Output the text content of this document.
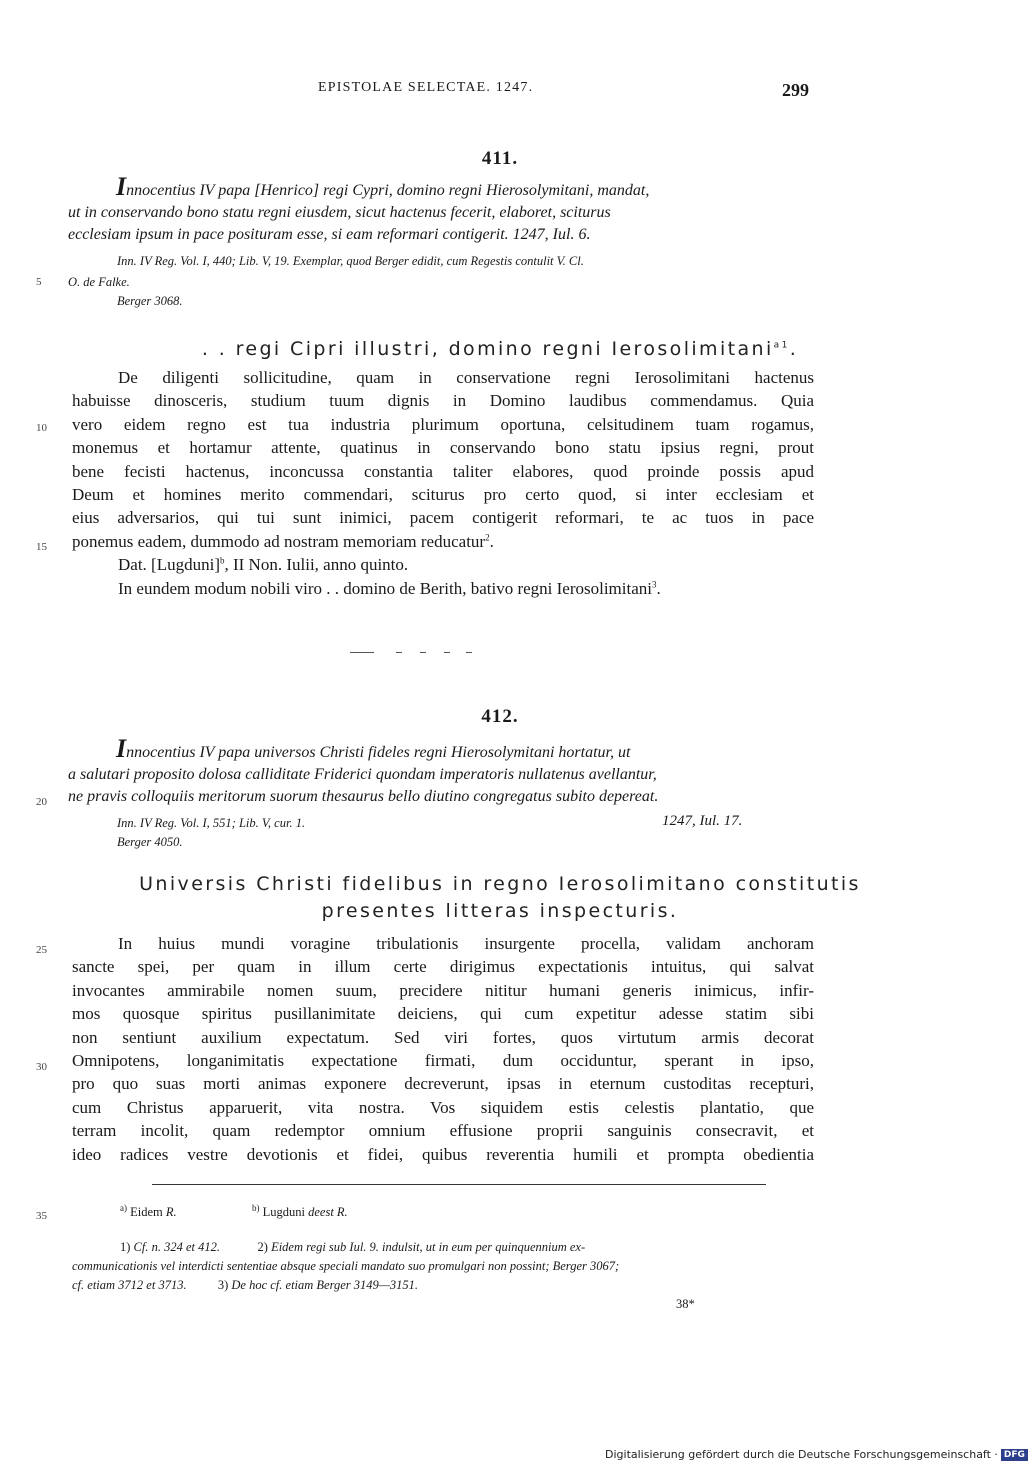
EPISTOLAE SELECTAE. 1247.	299
411.
Innocentius IV papa [Henrico] regi Cypri, domino regni Hierosolymitani, mandat,
ut in conservando bono statu regni eiusdem, sicut hactenus fecerit, elaboret, sciturus
ecclesiam ipsum in pace posituram esse, si eam reformari contigerit. 1247, Iul. 6.
Inn. IV Reg. Vol. I, 440; Lib. V, 19. Exemplar, quod Berger edidit, cum Regestis contulit V. Cl.
O. de Falke.
Berger 3068.
. . regi Cipri illustri, domino regni Ierosolimitani$^{a1}$.
De diligenti sollicitudine, quam in conservatione regni Ierosolimitani hactenus
habuisse dinosceris, studium tuum dignis in Domino laudibus commendamus. Quia
vero eidem regno est tua industria plurimum oportuna, celsitudinem tuam rogamus,
monemus et hortamur attente, quatinus in conservando bono statu ipsius regni, prout
bene fecisti hactenus, inconcussa constantia taliter elabores, quod proinde possis apud
Deum et homines merito commendari, sciturus pro certo quod, si inter ecclesiam et
eius adversarios, qui tui sunt inimici, pacem contigerit reformari, te ac tuos in pace
ponemus eadem, dummodo ad nostram memoriam reducatur$^2$.
Dat. [Lugduni]$^b$, II Non. Iulii, anno quinto.
In eundem modum nobili viro . . domino de Berith, bativo regni Ierosolimitani$^3$.
412.
Innocentius IV papa universos Christi fideles regni Hierosolymitani hortatur, ut
a salutari proposito dolosa calliditate Friderici quondam imperatoris nullatenus avellantur,
ne pravis colloquiis meritorum suorum thesaurus bello diutino congregatus subito depereat.
Inn. IV Reg. Vol. I, 551; Lib. V, cur. 1.	1247, Iul. 17.
Berger 4050.
Universis Christi fidelibus in regno Ierosolimitano constitutis
presentes litteras inspecturis.
In huius mundi voragine tribulationis insurgente procella, validam anchoram
sancte spei, per quam in illum certe dirigimus expectationis intuitus, qui salvat
invocantes ammirabile nomen suum, precidere nititur humani generis inimicus, infir-
mos quosque spiritus pusillanimitate deiciens, qui cum expetitur adesse statim sibi
non sentiunt auxilium expectatum. Sed viri fortes, quos virtutum armis decorat
Omnipotens, longanimitatis expectatione firmati, dum occiduntur, sperant in ipso,
pro quo suas morti animas exponere decreverunt, ipsas in eternum custoditas recepturi,
cum Christus apparuerit, vita nostra. Vos siquidem estis celestis plantatio, que
terram incolit, quam redemptor omnium effusione proprii sanguinis consecravit, et
ideo radices vestre devotionis et fidei, quibus reverentia humili et prompta obedientia
5
10
15
20
25
30
35
$^{a)}$ Eidem R.	$^{b)}$ Lugduni deest R.
1) Cf. n. 324 et 412.	2) Eidem regi sub Iul. 9. indulsit, ut in eum per quinquennium ex-
communicationis vel interdicti sententiae absque speciali mandato suo promulgari non possint; Berger 3067;
cf. etiam 3712 et 3713.	3) De hoc cf. etiam Berger 3149—3151.
38*
Digitalisierung gefördert durch die Deutsche Forschungsgemeinschaft · DFG
